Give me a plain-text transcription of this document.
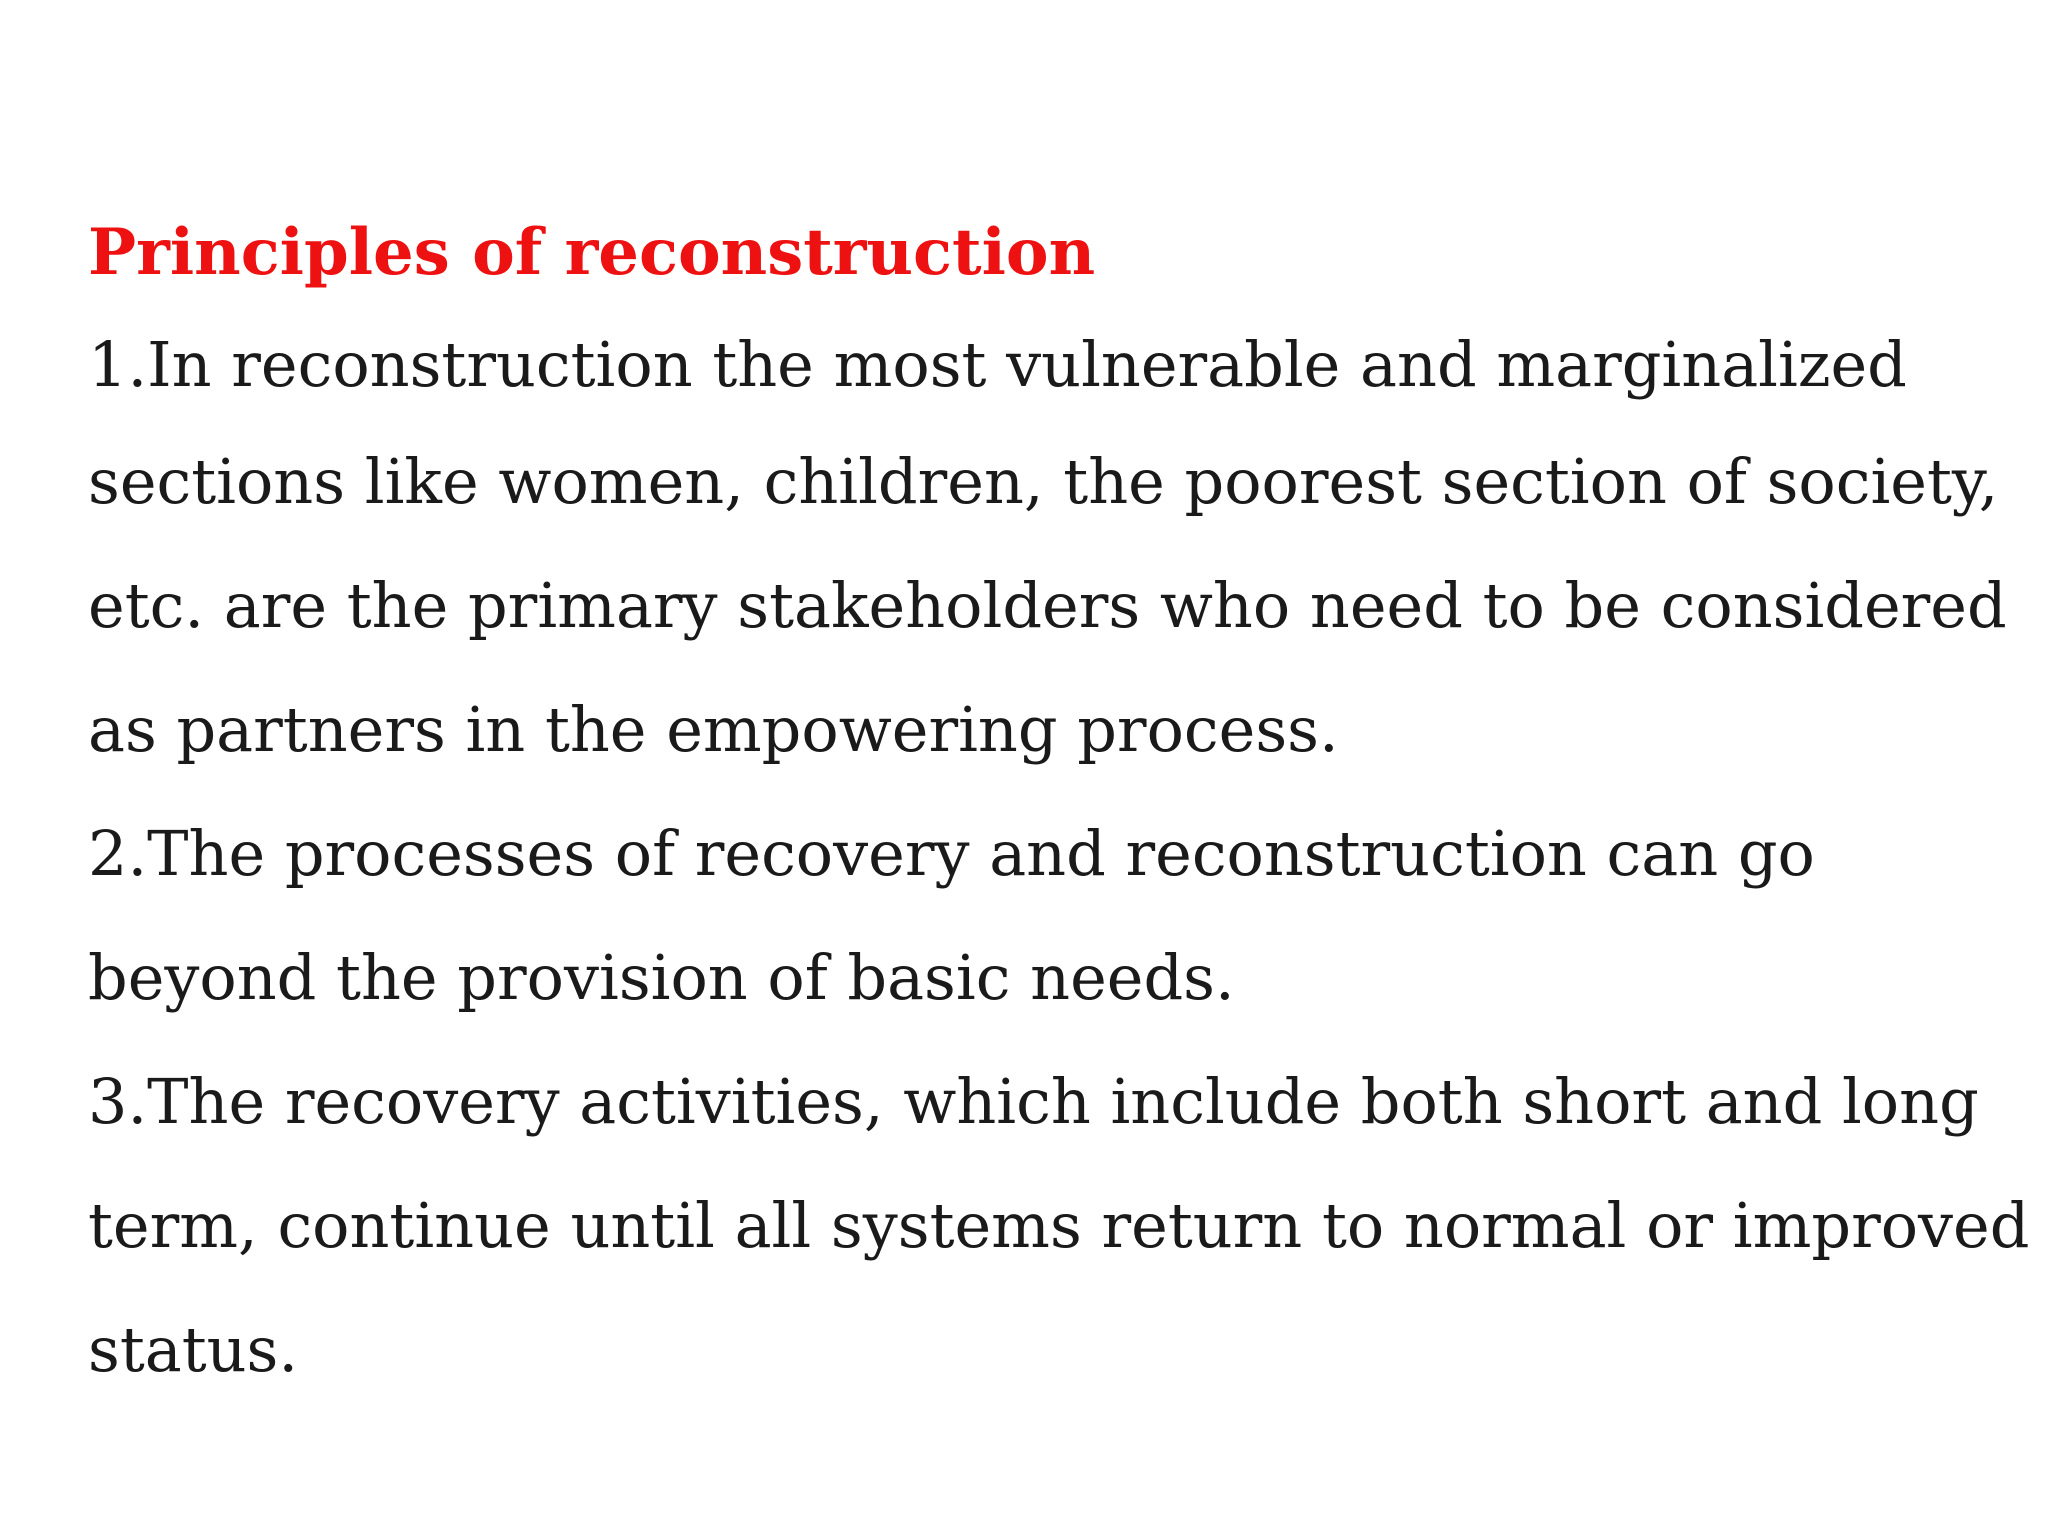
Principles of reconstruction

1.In reconstruction the most vulnerable and marginalized

sections like women, children, the poorest section of society,

etc. are the primary stakeholders who need to be considered

as partners in the empowering process.

2.The processes of recovery and reconstruction can go

beyond the provision of basic needs.

3.The recovery activities, which include both short and long

term, continue until all systems return to normal or improved

status.
